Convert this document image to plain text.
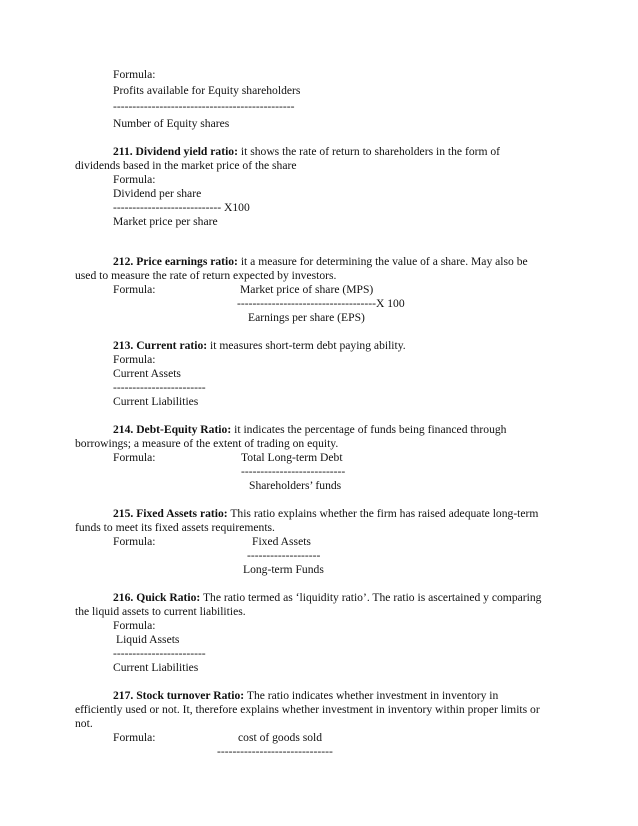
Formula:
Profits available for Equity shareholders
-----------------------------------------------
Number of Equity shares
211. Dividend yield ratio: it shows the rate of return to shareholders in the form of
dividends based in the market price of the share
Formula:
Dividend per share
---------------------------- X100
Market price per share
212. Price earnings ratio: it a measure for determining the value of a share. May also be
used to measure the rate of return expected by investors.
Formula:	Market price of share (MPS)
------------------------------------X 100
Earnings per share (EPS)
213. Current ratio: it measures short-term debt paying ability.
Formula:
Current Assets
------------------------
Current Liabilities
214. Debt-Equity Ratio: it indicates the percentage of funds being financed through
borrowings; a measure of the extent of trading on equity.
Formula:	Total Long-term Debt
---------------------------
Shareholders’ funds
215. Fixed Assets ratio: This ratio explains whether the firm has raised adequate long-term
funds to meet its fixed assets requirements.
Formula:	Fixed Assets
-------------------
Long-term Funds
216. Quick Ratio: The ratio termed as ‘liquidity ratio’. The ratio is ascertained y comparing
the liquid assets to current liabilities.
Formula:
Liquid Assets
------------------------
Current Liabilities
217. Stock turnover Ratio: The ratio indicates whether investment in inventory in
efficiently used or not. It, therefore explains whether investment in inventory within proper limits or
not.
Formula:	cost of goods sold
------------------------------
